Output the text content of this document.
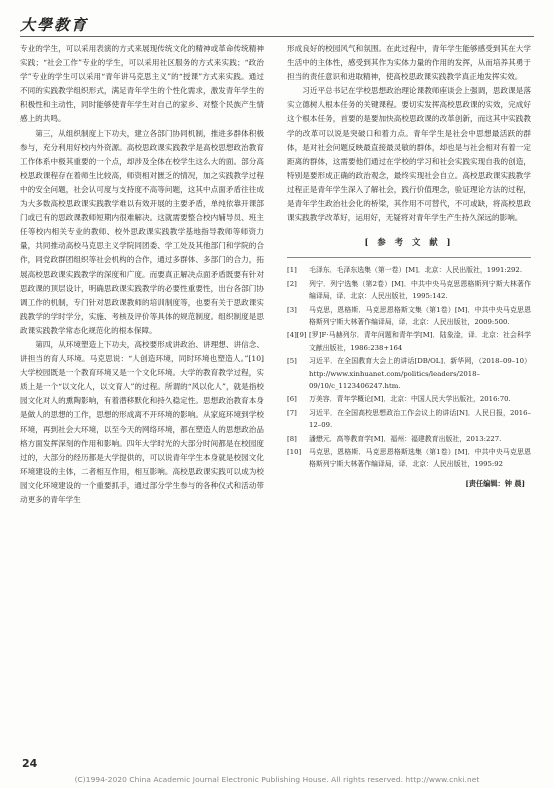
大學教育

专业的学生，可以采用表演的方式来展现传统文化的精神或革命传统精神实践；“社会工作”专业的学生，可以采用社区服务的方式来实践；“政治学”专业的学生可以采用“青年讲马克思主义”的“授课”方式来实践。通过不同的实践教学组织形式，满足青年学生的个性化需求，激发青年学生的积极性和主动性，同时能够使青年学生对自己的家乡、对整个民族产生情感上的共鸣。

第三，从组织制度上下功夫，建立各部门协同机制，推进多群体积极参与，充分利用好校内外资源。高校思政课实践教学是高校思想政治教育工作体系中极其重要的一个点，却涉及全体在校学生这么大的面。部分高校思政课程存在着师生比较高，师资相对匮乏的情况，加之实践教学过程中的安全问题，社会认可度与支持度不高等问题，这其中点面矛盾往往成为大多数高校思政课实践教学难以有效开展的主要矛盾，单纯依靠开课部门或已有的思政课教师短期内很难解决。这就需要整合校内辅导员、班主任等校内相关专业的教师、校外思政课实践教学基地指导教师等师资力量，共同推动高校马克思主义学院同团委、学工处及其他部门和学院的合作，同党政群团组织等社会机构的合作，通过多群体、多部门的合力，拓展高校思政课实践教学的深度和广度。而要真正解决点面矛盾既要有针对思政课的顶层设计，明确思政课实践教学的必要性重要性，出台各部门协调工作的机制，专门针对思政课教师的培训制度等，也要有关于思政课实践教学的学时学分，实施、考核及评价等具体的规范制度。组织制度是思政课实践教学常态化规范化的根本保障。

第四，从环境塑造上下功夫，高校要形成讲政治、讲理想、讲信念、讲担当的育人环境。马克思说：“人创造环境，同时环境也塑造人。”[10]大学校园既是一个教育环境又是一个文化环境。大学的教育教学过程，实质上是一个“以文化人，以文育人”的过程。所谓的“风以化人”，就是指校园文化对人的熏陶影响，有着潜移默化和持久稳定性。思想政治教育本身是做人的思想的工作，思想的形成离不开环境的影响。从家庭环境到学校环境，再到社会大环境，以至今天的网络环境，都在塑造人的思想政治品格方面发挥深刻的作用和影响。四年大学时光的大部分时间都是在校园度过的，大部分的经历都是大学提供的，可以说青年学生本身就是校园文化环境建设的主体，二者相互作用，相互影响。高校思政课实践可以成为校园文化环境建设的一个重要抓手，通过部分学生参与的各种仪式和活动带动更多的青年学生

形成良好的校园风气和氛围。在此过程中，青年学生能够感受到其在大学生活中的主体性，感受到其作为实体力量的作用的发挥，从而培养其勇于担当的责任意识和进取精神，使高校思政课实践教学真正地发挥实效。

习近平总书记在学校思想政治理论课教师座谈会上强调，思政课是落实立德树人根本任务的关键课程。要切实发挥高校思政课的实效，完成好这个根本任务，首要的是要加快高校思政课的改革创新，而这其中实践教学的改革可以说是突破口和着力点。青年学生是社会中思想最活跃的群体，是对社会问题反映最直接最灵敏的群体，却也是与社会相对有着一定距离的群体，这需要他们通过在学校的学习和社会实践实现自我的创造，特别是要形成正确的政治观念，最终实现社会自立。高校思政课实践教学过程正是青年学生深入了解社会，践行价值理念，验证理论方法的过程，是青年学生政治社会化的桥梁，其作用不可替代，不可或缺，将高校思政课实践教学改革好，运用好，无疑将对青年学生产生持久深远的影响。

[ 参 考 文 献 ]
[1]	毛泽东．毛泽东选集（第一卷）[M]．北京：人民出版社，1991:292.
[2]	列宁．列宁选集（第2卷）[M]．中共中央马克思恩格斯列宁斯大林著作编译局，译．北京：人民出版社，1995:142.
[3]	马克思，恩格斯．马克思恩格斯文集（第1卷）[M]．中共中央马克思恩格斯列宁斯大林著作编译局，译．北京：人民出版社，2009:500.
[4][9] [罗]F·马赫列尔．青年问题和青年学[M]．陆象淦，译．北京：社会科学文献出版社，1986:238+164
[5]	习近平．在全国教育大会上的讲话[DB/OL]．新华网，（2018–09–10）http://www.xinhuanet.com/politics/leaders/2018–09/10/c_1123406247.htm.
[6]	万美容．青年学概论[M]．北京：中国人民大学出版社，2016:70.
[7]	习近平．在全国高校思想政治工作会议上的讲话[N]．人民日报，2016–12–09.
[8]	潘懋元．高等教育学[M]．福州：福建教育出版社，2013:227.
[10]	马克思，恩格斯．马克思恩格斯选集（第1卷）[M]．中共中央马克思恩格斯列宁斯大林著作编译局，译．北京：人民出版社，1995:92
[责任编辑：钟 晨]
24
(C)1994-2020 China Academic Journal Electronic Publishing House. All rights reserved. http://www.cnki.net
